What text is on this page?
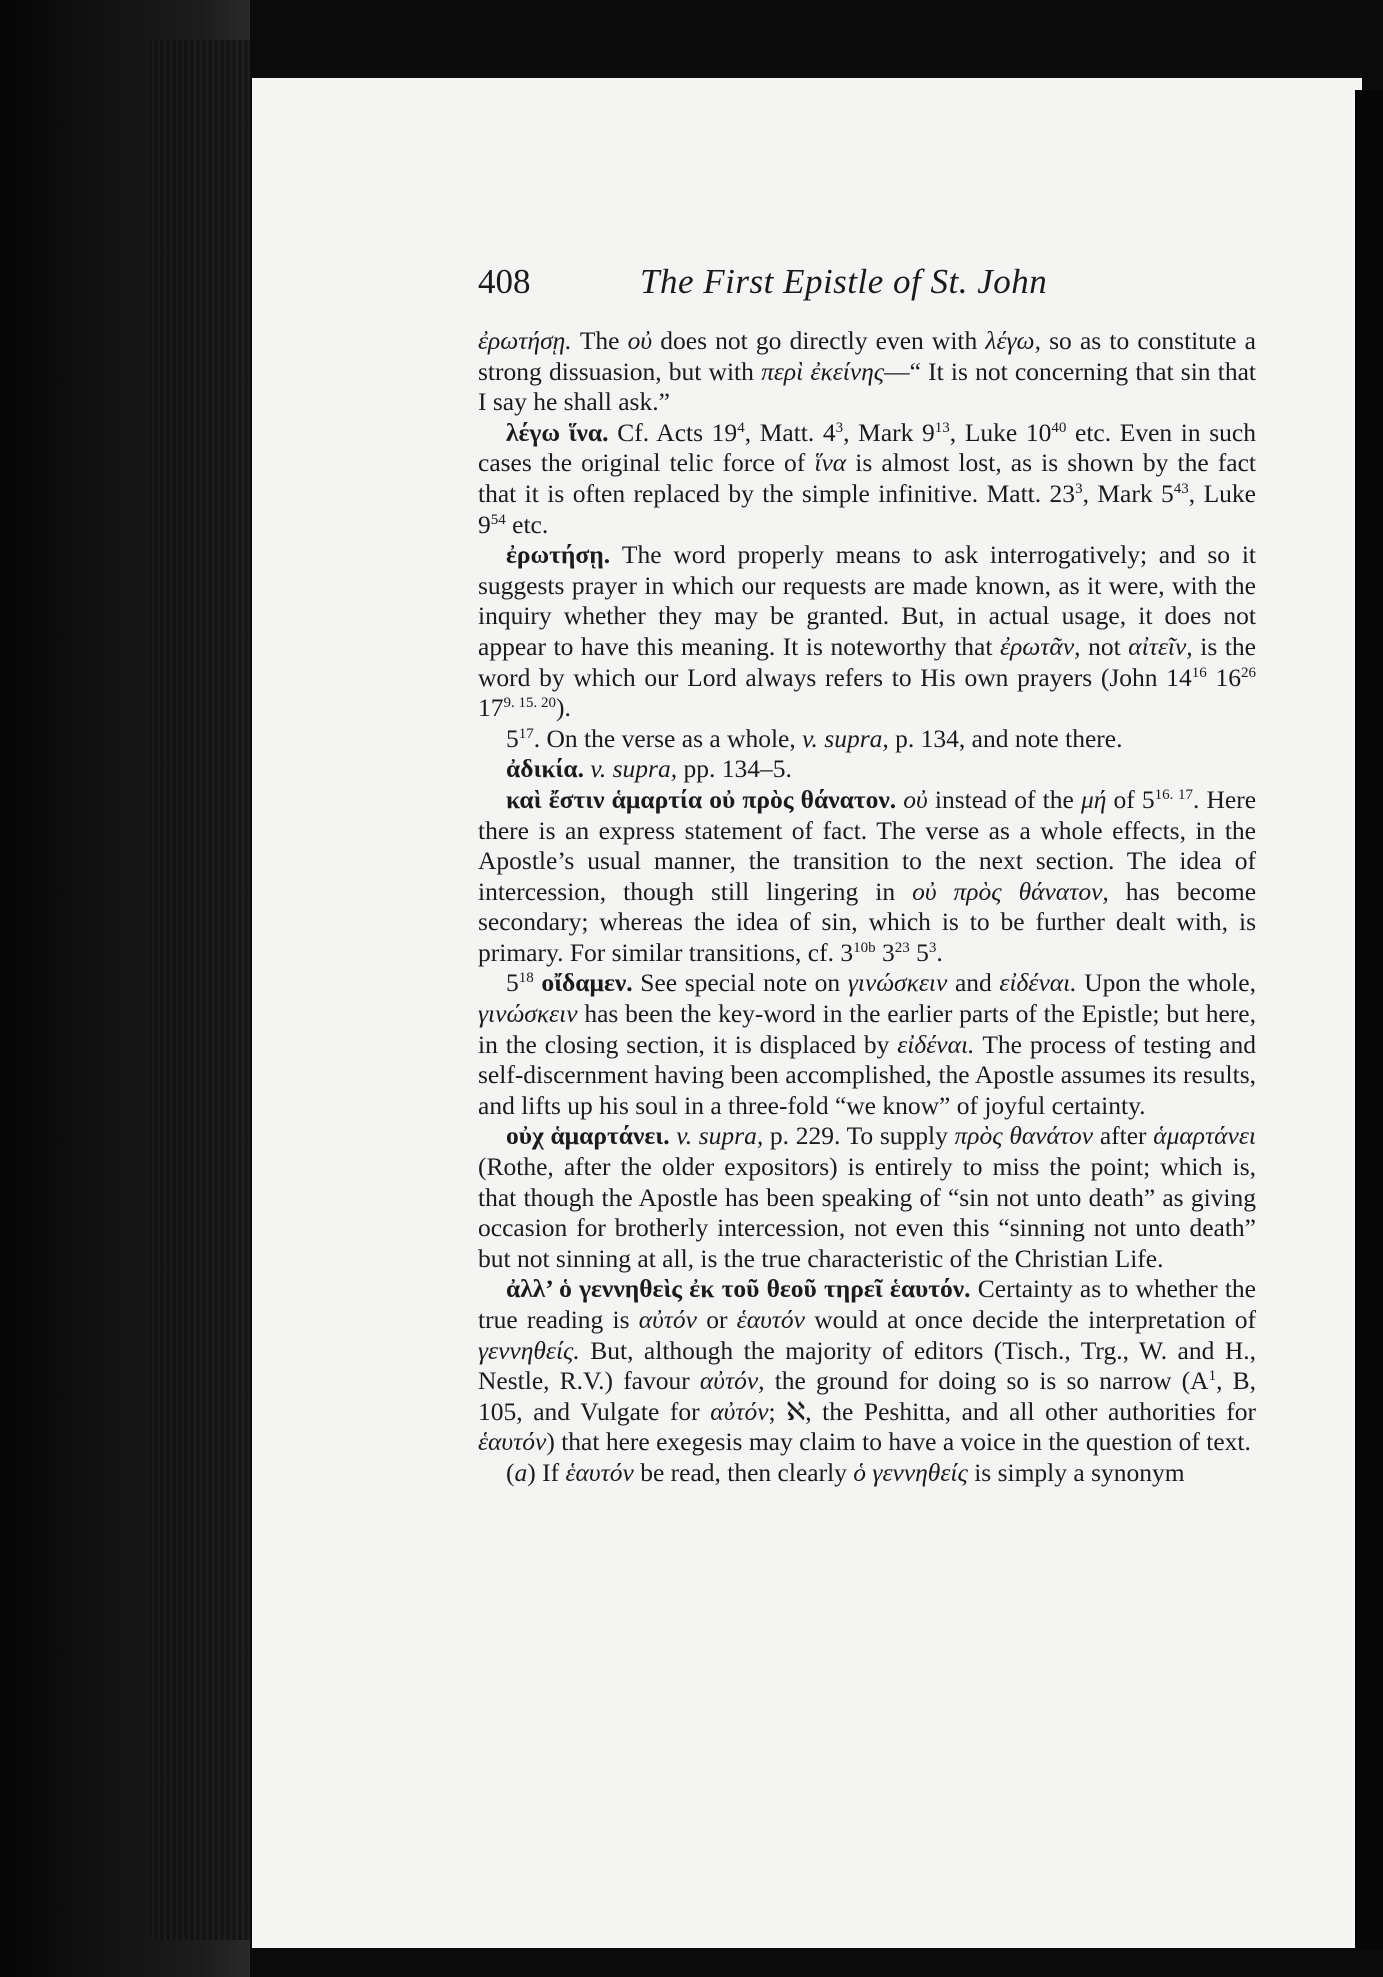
408	The First Epistle of St. John

ἐρωτήσῃ. The οὐ does not go directly even with λέγω, so as to constitute a strong dissuasion, but with περὶ ἐκείνης—“ It is not concerning that sin that I say he shall ask.”

λέγω ἵνα. Cf. Acts $19^4$, Matt. $4^3$, Mark $9^{13}$, Luke $10^{40}$ etc. Even in such cases the original telic force of ἵνα is almost lost, as is shown by the fact that it is often replaced by the simple infinitive. Matt. $23^3$, Mark $5^{43}$, Luke $9^{54}$ etc.

ἐρωτήσῃ. The word properly means to ask interrogatively; and so it suggests prayer in which our requests are made known, as it were, with the inquiry whether they may be granted. But, in actual usage, it does not appear to have this meaning. It is noteworthy that ἐρωτᾶν, not αἰτεῖν, is the word by which our Lord always refers to His own prayers (John $14^{16}$ $16^{26}$ $17^{9. 15. 20}$).

$5^{17}$. On the verse as a whole, v. supra, p. 134, and note there.

ἀδικία. v. supra, pp. 134–5.

καὶ ἔστιν ἁμαρτία οὐ πρὸς θάνατον. οὐ instead of the μή of $5^{16. 17}$. Here there is an express statement of fact. The verse as a whole effects, in the Apostle’s usual manner, the transition to the next section. The idea of intercession, though still lingering in οὐ πρὸς θάνατον, has become secondary; whereas the idea of sin, which is to be further dealt with, is primary. For similar transitions, cf. $3^{10b}$ $3^{23}$ $5^3$.

$5^{18}$ οἴδαμεν. See special note on γινώσκειν and εἰδέναι. Upon the whole, γινώσκειν has been the key-word in the earlier parts of the Epistle; but here, in the closing section, it is displaced by εἰδέναι. The process of testing and self-discernment having been accomplished, the Apostle assumes its results, and lifts up his soul in a three-fold “we know” of joyful certainty.

οὐχ ἁμαρτάνει. v. supra, p. 229. To supply πρὸς θανάτον after ἁμαρτάνει (Rothe, after the older expositors) is entirely to miss the point; which is, that though the Apostle has been speaking of “sin not unto death” as giving occasion for brotherly intercession, not even this “sinning not unto death” but not sinning at all, is the true characteristic of the Christian Life.

ἀλλ’ ὁ γεννηθεὶς ἐκ τοῦ θεοῦ τηρεῖ ἑαυτόν. Certainty as to whether the true reading is αὐτόν or ἑαυτόν would at once decide the interpretation of γεννηθείς. But, although the majority of editors (Tisch., Trg., W. and H., Nestle, R.V.) favour αὐτόν, the ground for doing so is so narrow ($A^1$, B, 105, and Vulgate for αὐτόν; ℵ, the Peshitta, and all other authorities for ἑαυτόν) that here exegesis may claim to have a voice in the question of text.

(a) If ἑαυτόν be read, then clearly ὁ γεννηθείς is simply a synonym
